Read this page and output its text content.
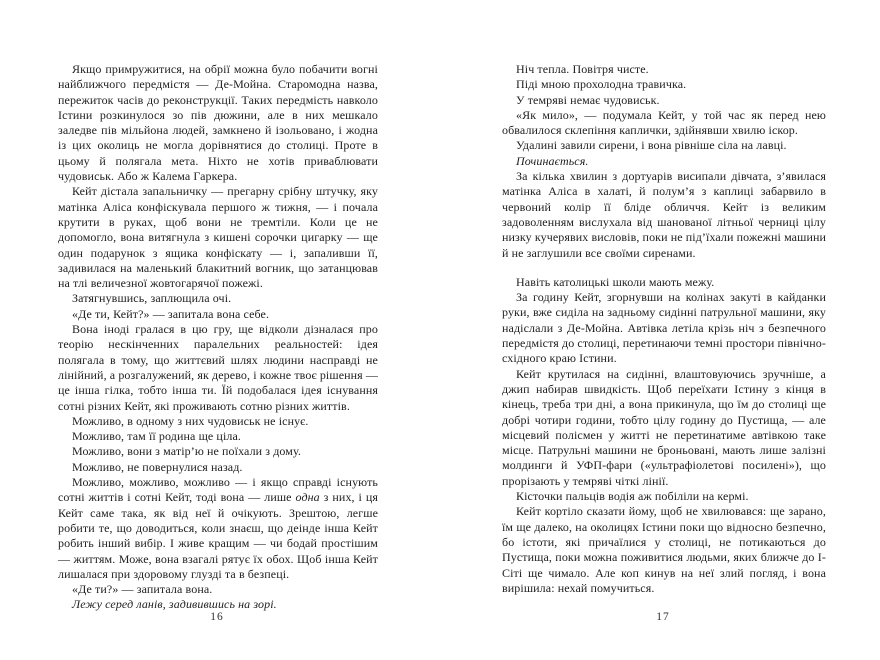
Якщо примружитися, на обрії можна було побачити вогні найближчого передмістя — Де-Мойна. Старомодна назва, пережиток часів до реконструкції. Таких передмість навколо Істини розкинулося зо пів дюжини, але в них мешкало заледве пів мільйона людей, замкнено й ізольовано, і жодна із цих околиць не могла дорівнятися до столиці. Проте в цьому й полягала мета. Ніхто не хотів приваблювати чудовиськ. Або ж Калема Гаркера.

Кейт дістала запальничку — прегарну срібну штучку, яку матінка Аліса конфіскувала першого ж тижня, — і почала крутити в руках, щоб вони не тремтіли. Коли це не допомогло, вона витягнула з кишені сорочки цигарку — ще один подарунок з ящика конфіскату — і, запаливши її, задивилася на маленький блакитний вогник, що затанцював на тлі величезної жовтогарячої пожежі.

Затягнувшись, заплющила очі.

«Де ти, Кейт?» — запитала вона себе.

Вона іноді гралася в цю гру, ще відколи дізналася про теорію нескінченних паралельних реальностей: ідея полягала в тому, що життєвий шлях людини насправді не лінійний, а розгалужений, як дерево, і кожне твоє рішення — це інша гілка, тобто інша ти. Їй подобалася ідея існування сотні різних Кейт, які проживають сотню різних життів.

Можливо, в одному з них чудовиськ не існує.

Можливо, там її родина ще ціла.

Можливо, вони з матір’ю не поїхали з дому.

Можливо, не повернулися назад.

Можливо, можливо, можливо — і якщо справді існують сотні життів і сотні Кейт, тоді вона — лише одна з них, і ця Кейт саме така, як від неї й очікують. Зрештою, легше робити те, що доводиться, коли знаєш, що деінде інша Кейт робить інший вибір. І живе кращим — чи бодай простішим — життям. Може, вона взагалі рятує їх обох. Щоб інша Кейт лишалася при здоровому глузді та в безпеці.

«Де ти?» — запитала вона.

Лежу серед ланів, задивившись на зорі.

Ніч тепла. Повітря чисте.

Піді мною прохолодна травичка.

У темряві немає чудовиськ.

«Як мило», — подумала Кейт, у той час як перед нею обвалилося склепіння каплички, здійнявши хвилю іскор.

Удалині завили сирени, і вона рівніше сіла на лавці.

Починається.

За кілька хвилин з дортуарів висипали дівчата, з’явилася матінка Аліса в халаті, й полум’я з каплиці забарвило в червоний колір її бліде обличчя. Кейт із великим задоволенням вислухала від шанованої літньої черниці цілу низку кучерявих висловів, поки не під’їхали пожежні машини й не заглушили все своїми сиренами.

Навіть католицькі школи мають межу.

За годину Кейт, згорнувши на колінах закуті в кайданки руки, вже сиділа на задньому сидінні патрульної машини, яку надіслали з Де-Мойна. Автівка летіла крізь ніч з безпечного передмістя до столиці, перетинаючи темні простори північно-східного краю Істини.

Кейт крутилася на сидінні, влаштовуючись зручніше, а джип набирав швидкість. Щоб переїхати Істину з кінця в кінець, треба три дні, а вона прикинула, що їм до столиці ще добрі чотири години, тобто цілу годину до Пустища, — але місцевий полісмен у житті не перетинатиме автівкою таке місце. Патрульні машини не броньовані, мають лише залізні молдинги й УФП-фари («ультрафіолетові посилені»), що прорізають у темряві чіткі лінії.

Кісточки пальців водія аж побіліли на кермі.

Кейт кортіло сказати йому, щоб не хвилювався: ще зарано, їм ще далеко, на околицях Істини поки що відносно безпечно, бо істоти, які причаїлися у столиці, не потикаються до Пустища, поки можна поживитися людьми, яких ближче до І-Сіті ще чимало. Але коп кинув на неї злий погляд, і вона вирішила: нехай помучиться.

16	17
